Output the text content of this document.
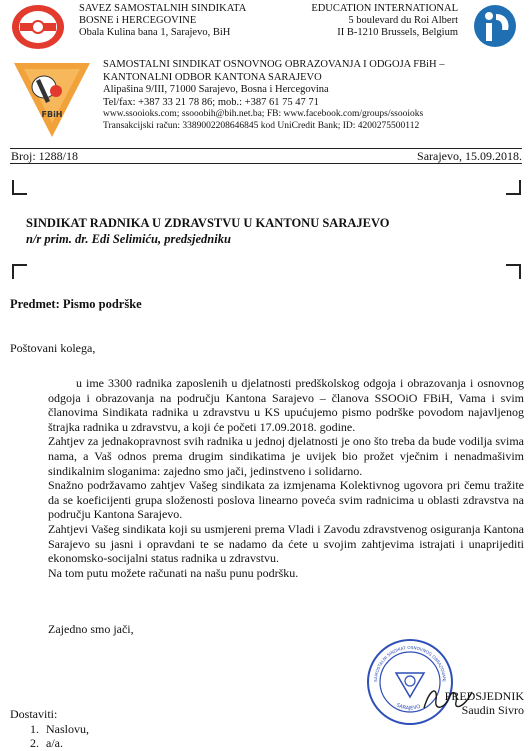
SAVEZ SAMOSTALNIH SINDIKATA
BOSNE i HERCEGOVINE
Obala Kulina bana 1, Sarajevo, BiH
EDUCATION INTERNATIONAL
5 boulevard du Roi Albert
II B-1210 Brussels, Belgium
FBiH
SAMOSTALNI SINDIKAT OSNOVNOG OBRAZOVANJA I ODGOJA FBiH –
KANTONALNI ODBOR KANTONA SARAJEVO
Alipašina 9/III, 71000 Sarajevo, Bosna i Hercegovina
Tel/fax: +387 33 21 78 86; mob.: +387 61 75 47 71
www.ssooioks.com; ssooobih@bih.net.ba; FB: www.facebook.com/groups/ssooioks
Transakcijski račun: 3389002208646845 kod UniCredit Bank; ID: 4200275500112
Broj: 1288/18	Sarajevo, 15.09.2018.
SINDIKAT RADNIKA U ZDRAVSTVU U KANTONU SARAJEVO
n/r prim. dr. Edi Selimiću, predsjedniku
Predmet: Pismo podrške
Poštovani kolega,

u ime 3300 radnika zaposlenih u djelatnosti predškolskog odgoja i obrazovanja i osnovnog odgoja i obrazovanja na području Kantona Sarajevo – članova SSOOiO FBiH, Vama i svim članovima Sindikata radnika u zdravstvu u KS upućujemo pismo podrške povodom najavljenog štrajka radnika u zdravstvu, a koji će početi 17.09.2018. godine.

Zahtjev za jednakopravnost svih radnika u jednoj djelatnosti je ono što treba da bude vodilja svima nama, a Vaš odnos prema drugim sindikatima je uvijek bio prožet vječnim i nenadmašivim sindikalnim sloganima: zajedno smo jači, jedinstveno i solidarno.

Snažno podržavamo zahtjev Vašeg sindikata za izmjenama Kolektivnog ugovora pri čemu tražite da se koeficijenti grupa složenosti poslova linearno poveća svim radnicima u oblasti zdravstva na području Kantona Sarajevo.

Zahtjevi Vašeg sindikata koji su usmjereni prema Vladi i Zavodu zdravstvenog osiguranja Kantona Sarajevo su jasni i opravdani te se nadamo da ćete u svojim zahtjevima istrajati i unaprijediti ekonomsko-socijalni status radnika u zdravstvu.

Na tom putu možete računati na našu punu podršku.

Zajedno smo jači,
SAMOSTALNI SINDIKAT OSNOVNOG OBRAZOVANJ
SARAJEVO
PREDSJEDNIK
Saudin Sivro
Dostaviti:
1. Naslovu,
2. a/a.
